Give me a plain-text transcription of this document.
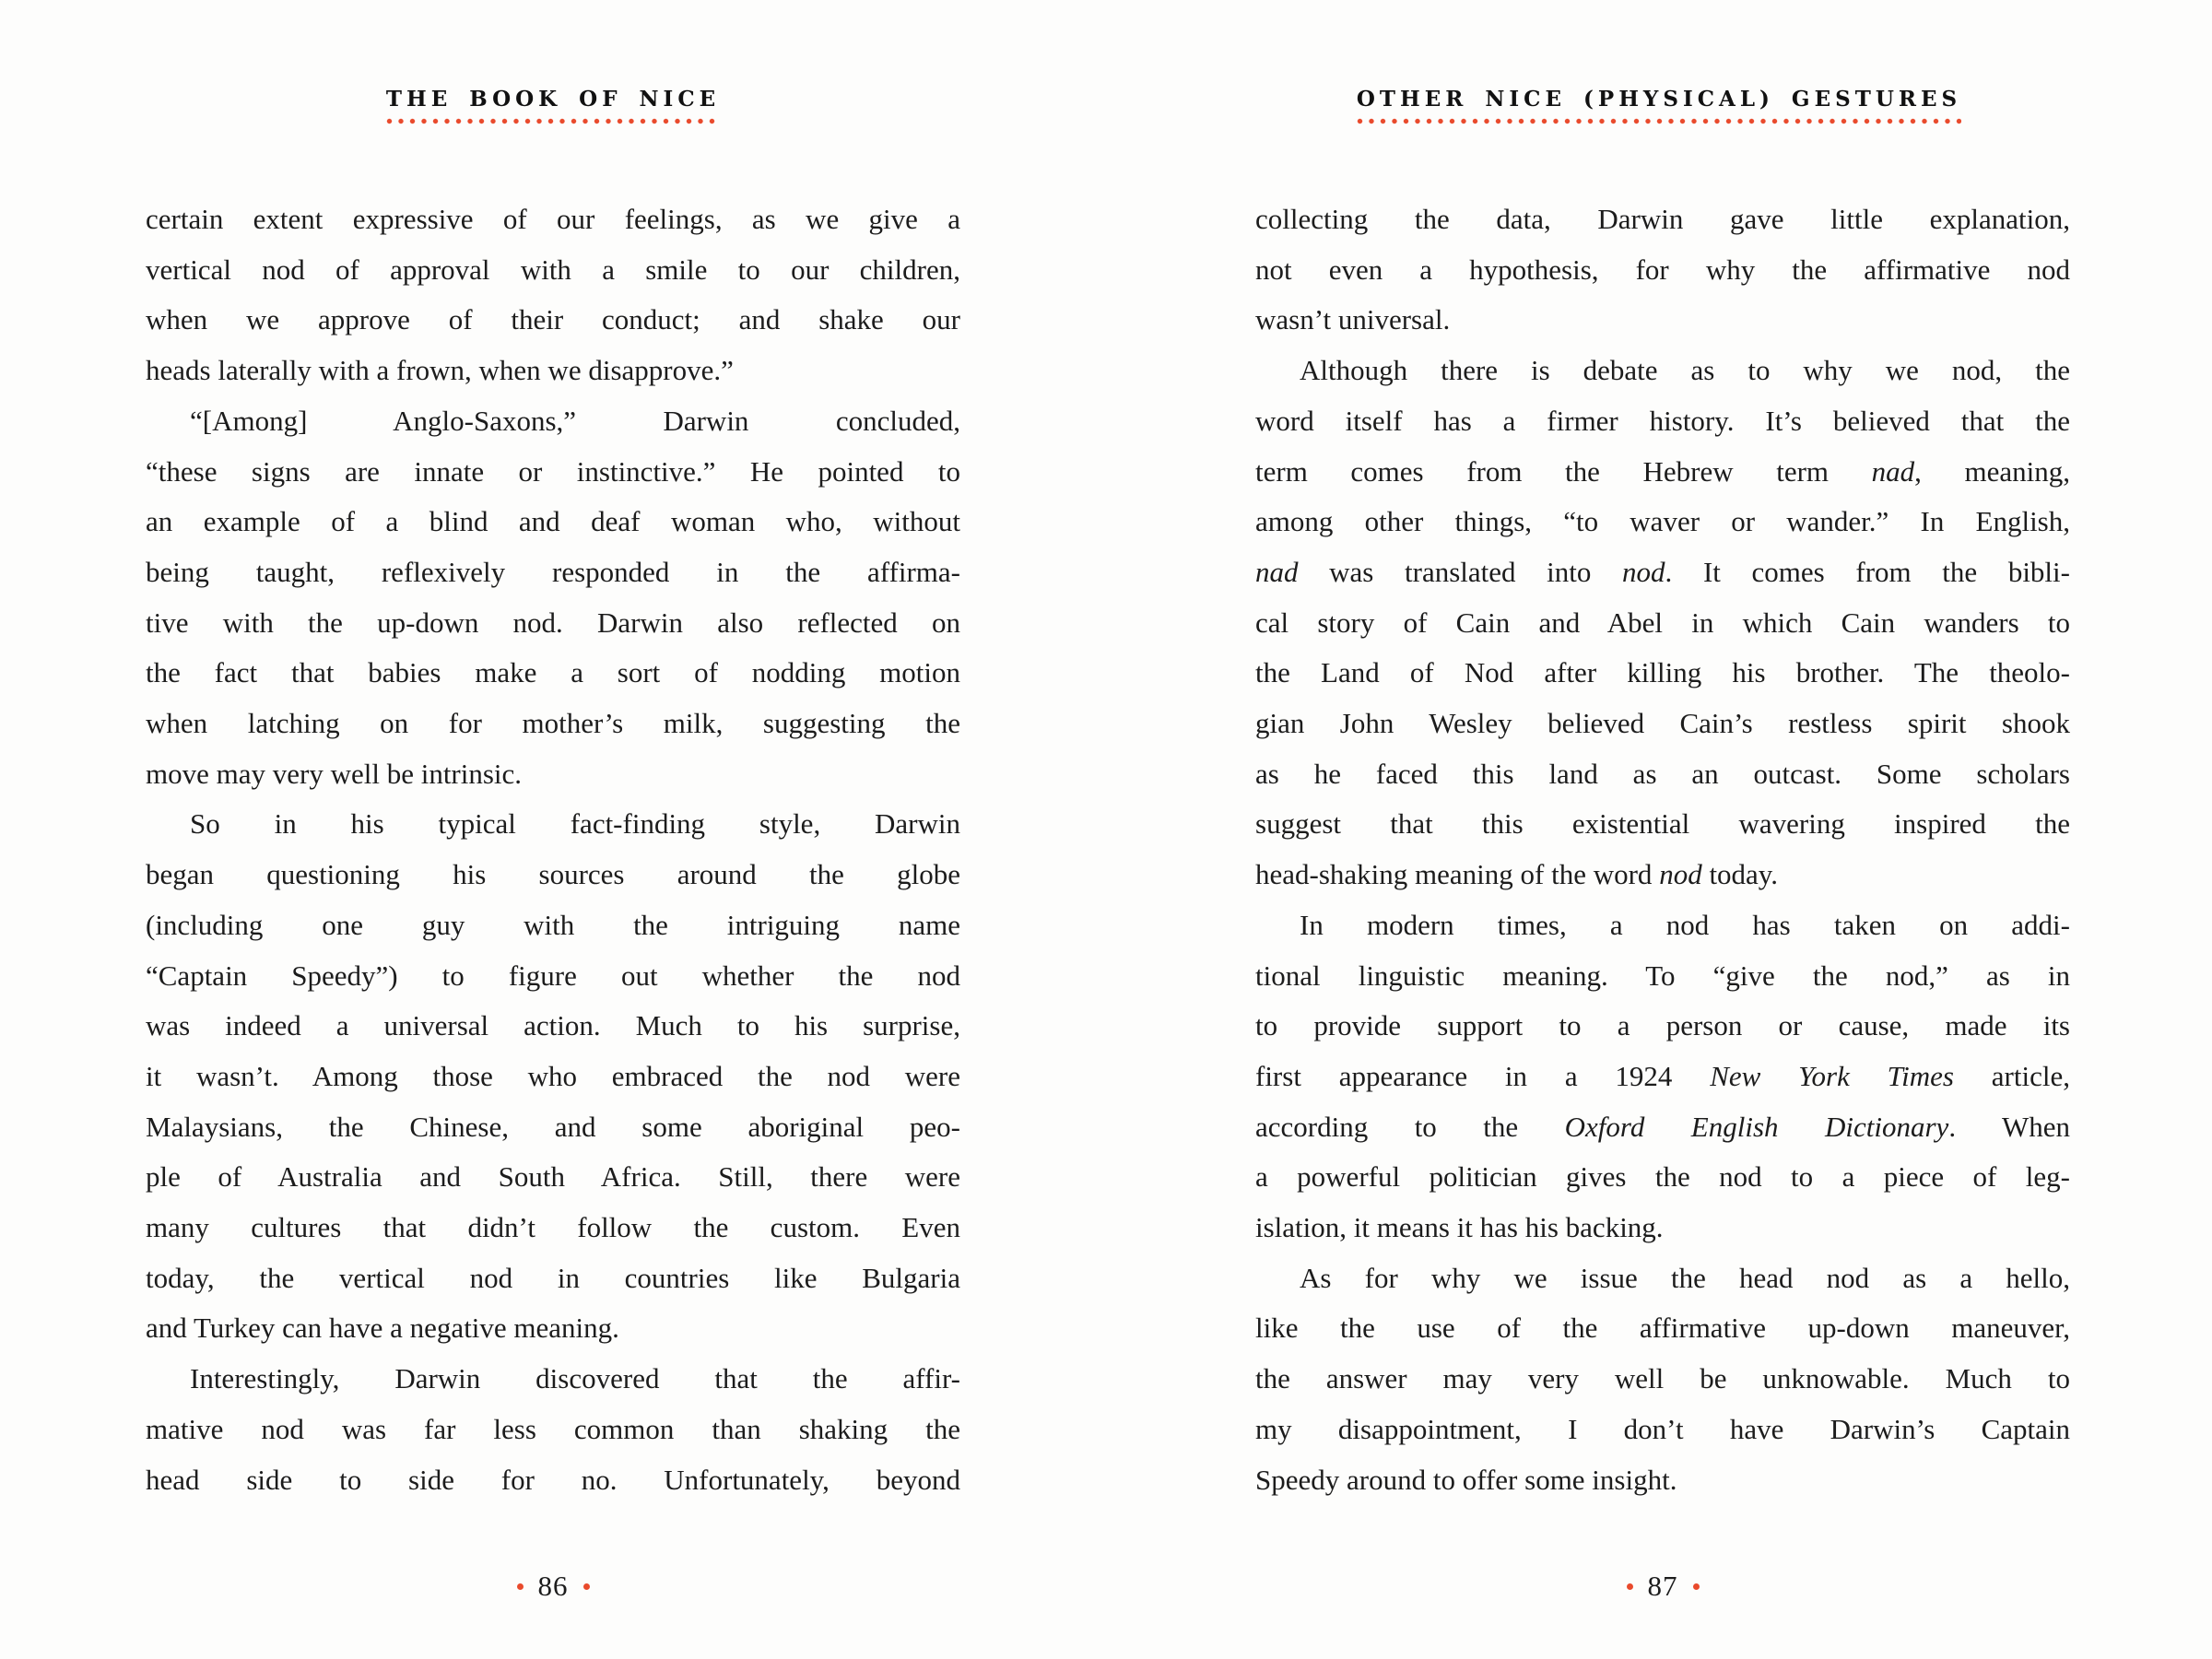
THE BOOK OF NICE
certain extent expressive of our feelings, as we give a
vertical nod of approval with a smile to our children,
when we approve of their conduct; and shake our
heads laterally with a frown, when we disapprove.”
“[Among] Anglo-Saxons,” Darwin concluded,
“these signs are innate or instinctive.” He pointed to
an example of a blind and deaf woman who, without
being taught, reflexively responded in the affirma-
tive with the up-down nod. Darwin also reflected on
the fact that babies make a sort of nodding motion
when latching on for mother’s milk, suggesting the
move may very well be intrinsic.
So in his typical fact-finding style, Darwin
began questioning his sources around the globe
(including one guy with the intriguing name
“Captain Speedy”) to figure out whether the nod
was indeed a universal action. Much to his surprise,
it wasn’t. Among those who embraced the nod were
Malaysians, the Chinese, and some aboriginal peo-
ple of Australia and South Africa. Still, there were
many cultures that didn’t follow the custom. Even
today, the vertical nod in countries like Bulgaria
and Turkey can have a negative meaning.
Interestingly, Darwin discovered that the affir-
mative nod was far less common than shaking the
head side to side for no. Unfortunately, beyond
86
OTHER NICE (PHYSICAL) GESTURES
collecting the data, Darwin gave little explanation,
not even a hypothesis, for why the affirmative nod
wasn’t universal.
Although there is debate as to why we nod, the
word itself has a firmer history. It’s believed that the
term comes from the Hebrew term nad, meaning,
among other things, “to waver or wander.” In English,
nad was translated into nod. It comes from the bibli-
cal story of Cain and Abel in which Cain wanders to
the Land of Nod after killing his brother. The theolo-
gian John Wesley believed Cain’s restless spirit shook
as he faced this land as an outcast. Some scholars
suggest that this existential wavering inspired the
head-shaking meaning of the word nod today.
In modern times, a nod has taken on addi-
tional linguistic meaning. To “give the nod,” as in
to provide support to a person or cause, made its
first appearance in a 1924 New York Times article,
according to the Oxford English Dictionary. When
a powerful politician gives the nod to a piece of leg-
islation, it means it has his backing.
As for why we issue the head nod as a hello,
like the use of the affirmative up-down maneuver,
the answer may very well be unknowable. Much to
my disappointment, I don’t have Darwin’s Captain
Speedy around to offer some insight.
87
